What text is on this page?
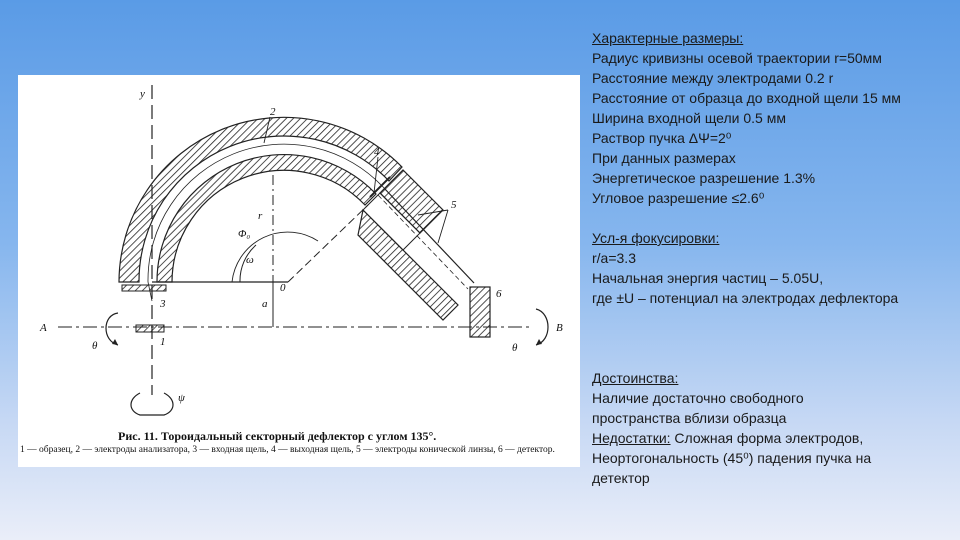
y
2
4
5
r
Φ₀
ω
0
a
3
1
6
A	B
θ	θ
ψ
Рис. 11. Тороидальный секторный дефлектор с углом 135°.
1 — образец, 2 — электроды анализатора, 3 — входная щель, 4 — выходная щель, 5 — электроды конической линзы, 6 — детектор.
Характерные размеры:
Радиус кривизны осевой траектории r=50мм
Расстояние между электродами 0.2 r
Расстояние от образца до входной щели 15 мм
Ширина входной щели 0.5 мм
Раствор пучка ΔΨ=2⁰
При данных размерах
Энергетическое разрешение 1.3%
Угловое разрешение ≤2.6⁰
Усл-я фокусировки:
r/a=3.3
Начальная энергия частиц – 5.05U,
где ±U – потенциал на электродах дефлектора
Достоинства:
Наличие достаточно свободного
пространства вблизи образца
Недостатки: Сложная форма электродов,
Неортогональность (45⁰) падения пучка на
детектор
